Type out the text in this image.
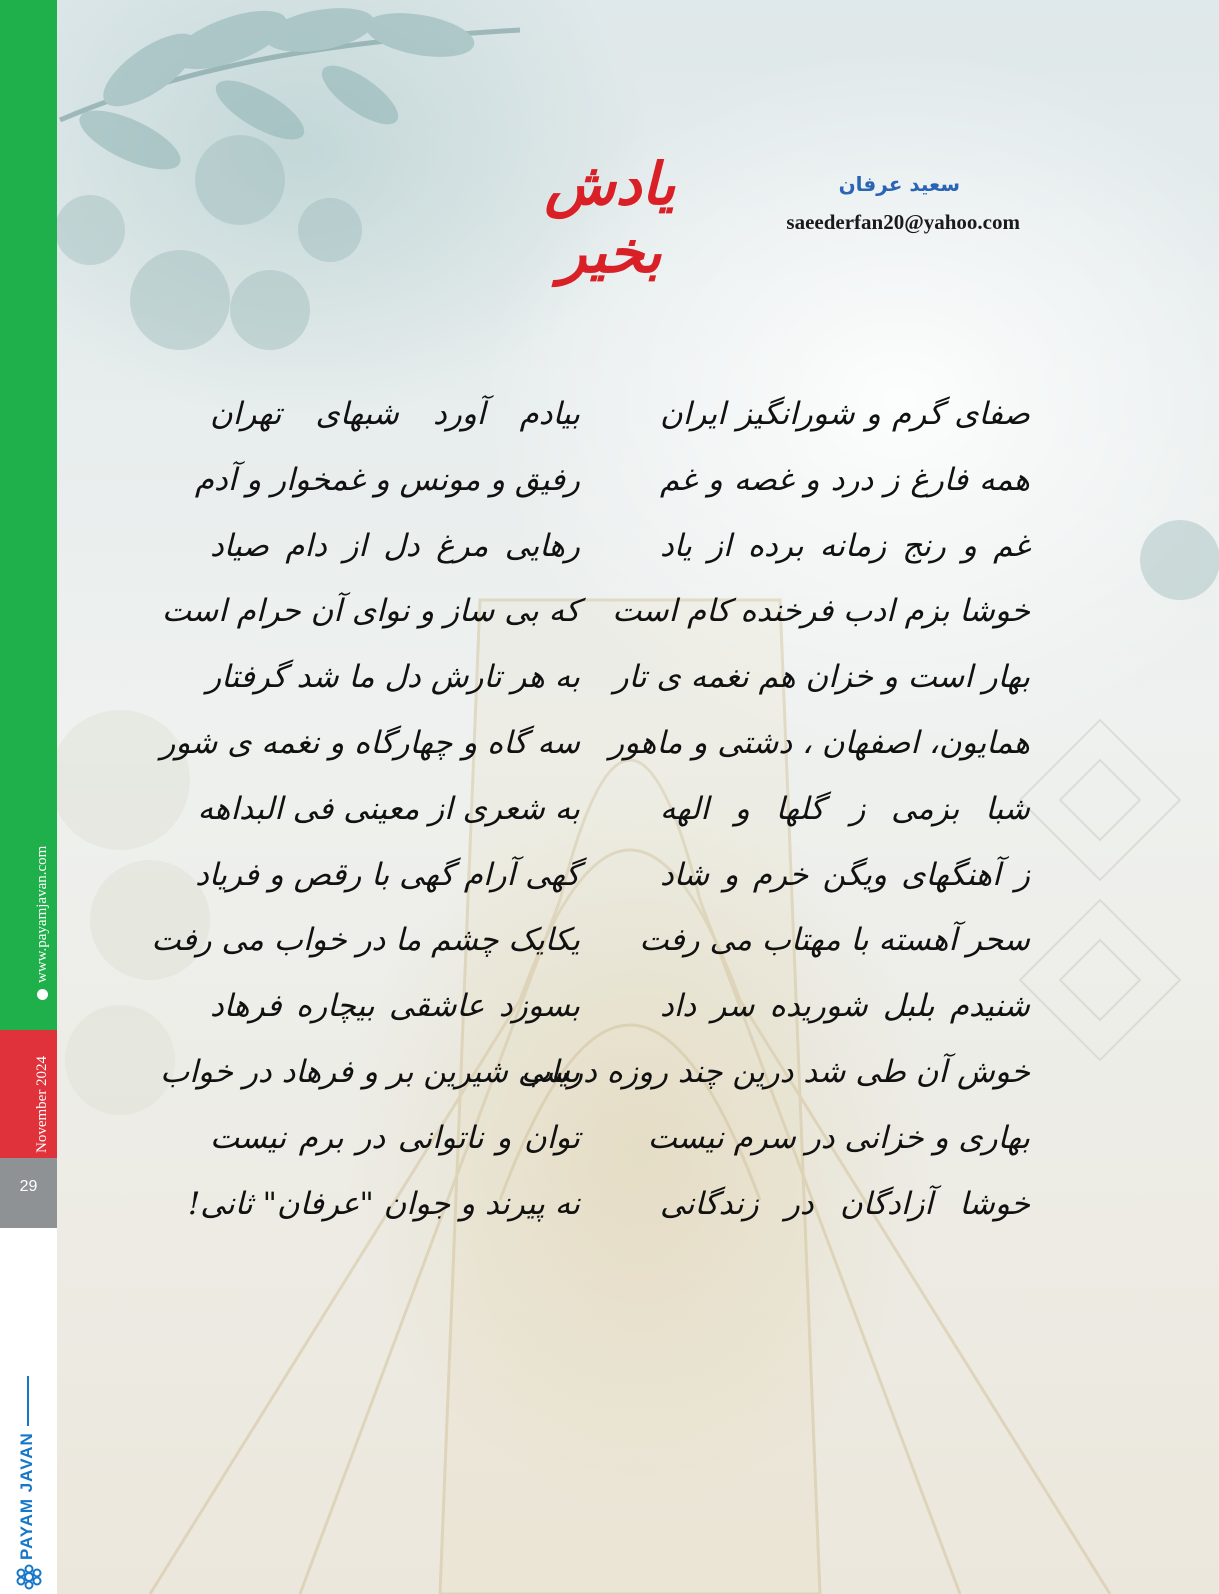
www.payamjavan.com
November 2024
29
PAYAM JAVAN
یادش بخیر
سعید عرفان
saeederfan20@yahoo.com
صفای گرم و شورانگیز ایران
بیادم آورد شبهای تهران
همه فارغ ز درد و غصه و غم
رفیق و مونس و غمخوار و آدم
غم و رنج زمانه برده از یاد
رهایی مرغ دل از دام صیاد
خوشا بزم ادب فرخنده کام است
که بی ساز و نوای آن حرام است
بهار است و خزان هم نغمه ی تار
به هر تارش دل ما شد گرفتار
همایون، اصفهان ، دشتی و ماهور
سه گاه و چهارگاه و نغمه ی شور
شبا بزمی ز گلها و الهه
به شعری از معینی فی البداهه
ز آهنگهای ویگن خرم و شاد
گهی آرام گهی با رقص و فریاد
سحر آهسته با مهتاب می رفت
یکایک چشم ما در خواب می رفت
شنیدم بلبل شوریده سر داد
بسوزد عاشقی بیچاره فرهاد
خوش آن طی شد درین چند روزه دریاب
بسی شیرین بر و فرهاد در خواب
بهاری و خزانی در سرم نیست
توان و ناتوانی در برم نیست
خوشا آزادگان در زندگانی
نه پیرند و جوان "عرفان" ثانی!
